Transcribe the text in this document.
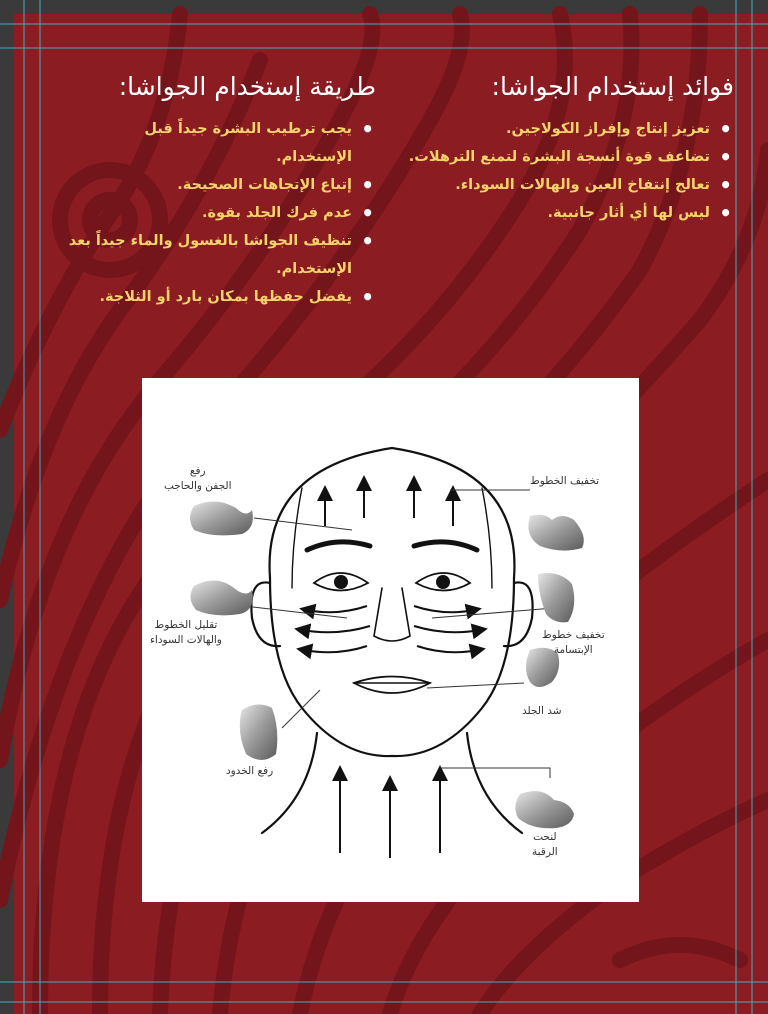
فوائد إستخدام الجواشا:
• تعزيز إنتاج وإفراز الكولاجين.
• تضاعف قوة أنسجة البشرة لتمنع الترهلات.
• تعالج إنتفاخ العين والهالات السوداء.
• ليس لها أي أثار جانبية.
طريقة إستخدام الجواشا:
• يجب ترطيب البشرة جيداً قبل الإستخدام.
• إتباع الإتجاهات الصحيحة.
• عدم فرك الجلد بقوة.
• تنظيف الجواشا بالغسول والماء جيداً بعد الإستخدام.
• يفضل حفظها بمكان بارد أو الثلاجة.
رفع
الجفن والحاجب	تخفيف الخطوط
تقليل الخطوط
والهالات السوداء	تخفيف خطوط
الإبتسامة
شد الجلد
رفع الخدود
لنحت
الرقبة
